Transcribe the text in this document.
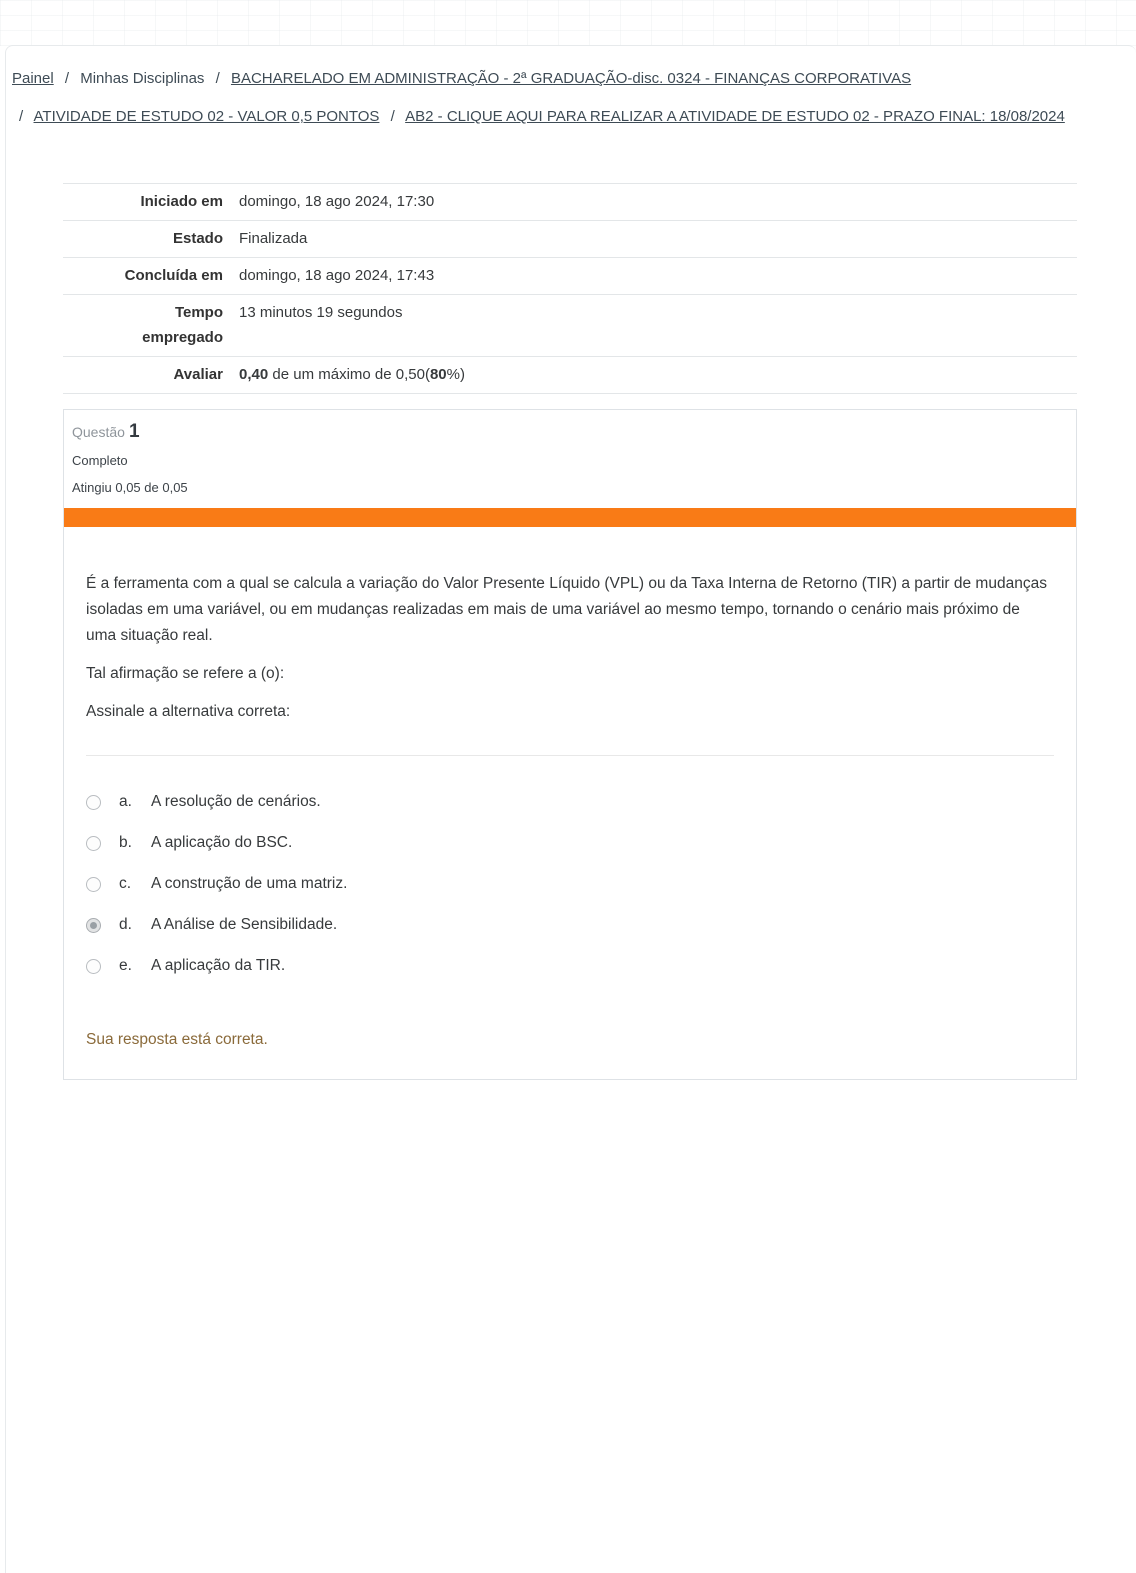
Painel / Minhas Disciplinas / BACHARELADO EM ADMINISTRAÇÃO - 2ª GRADUAÇÃO-disc. 0324 - FINANÇAS CORPORATIVAS / ATIVIDADE DE ESTUDO 02 - VALOR 0,5 PONTOS / AB2 - CLIQUE AQUI PARA REALIZAR A ATIVIDADE DE ESTUDO 02 - PRAZO FINAL: 18/08/2024
Iniciado em	domingo, 18 ago 2024, 17:30
Estado	Finalizada
Concluída em	domingo, 18 ago 2024, 17:43
Tempo empregado	13 minutos 19 segundos
Avaliar	0,40 de um máximo de 0,50(80%)
Questão 1
Completo
Atingiu 0,05 de 0,05

É a ferramenta com a qual se calcula a variação do Valor Presente Líquido (VPL) ou da Taxa Interna de Retorno (TIR) a partir de mudanças isoladas em uma variável, ou em mudanças realizadas em mais de uma variável ao mesmo tempo, tornando o cenário mais próximo de uma situação real.

Tal afirmação se refere a (o):

Assinale a alternativa correta:

a.	A resolução de cenários.
b.	A aplicação do BSC.
c.	A construção de uma matriz.
d.	A Análise de Sensibilidade.
e.	A aplicação da TIR.
Sua resposta está correta.
